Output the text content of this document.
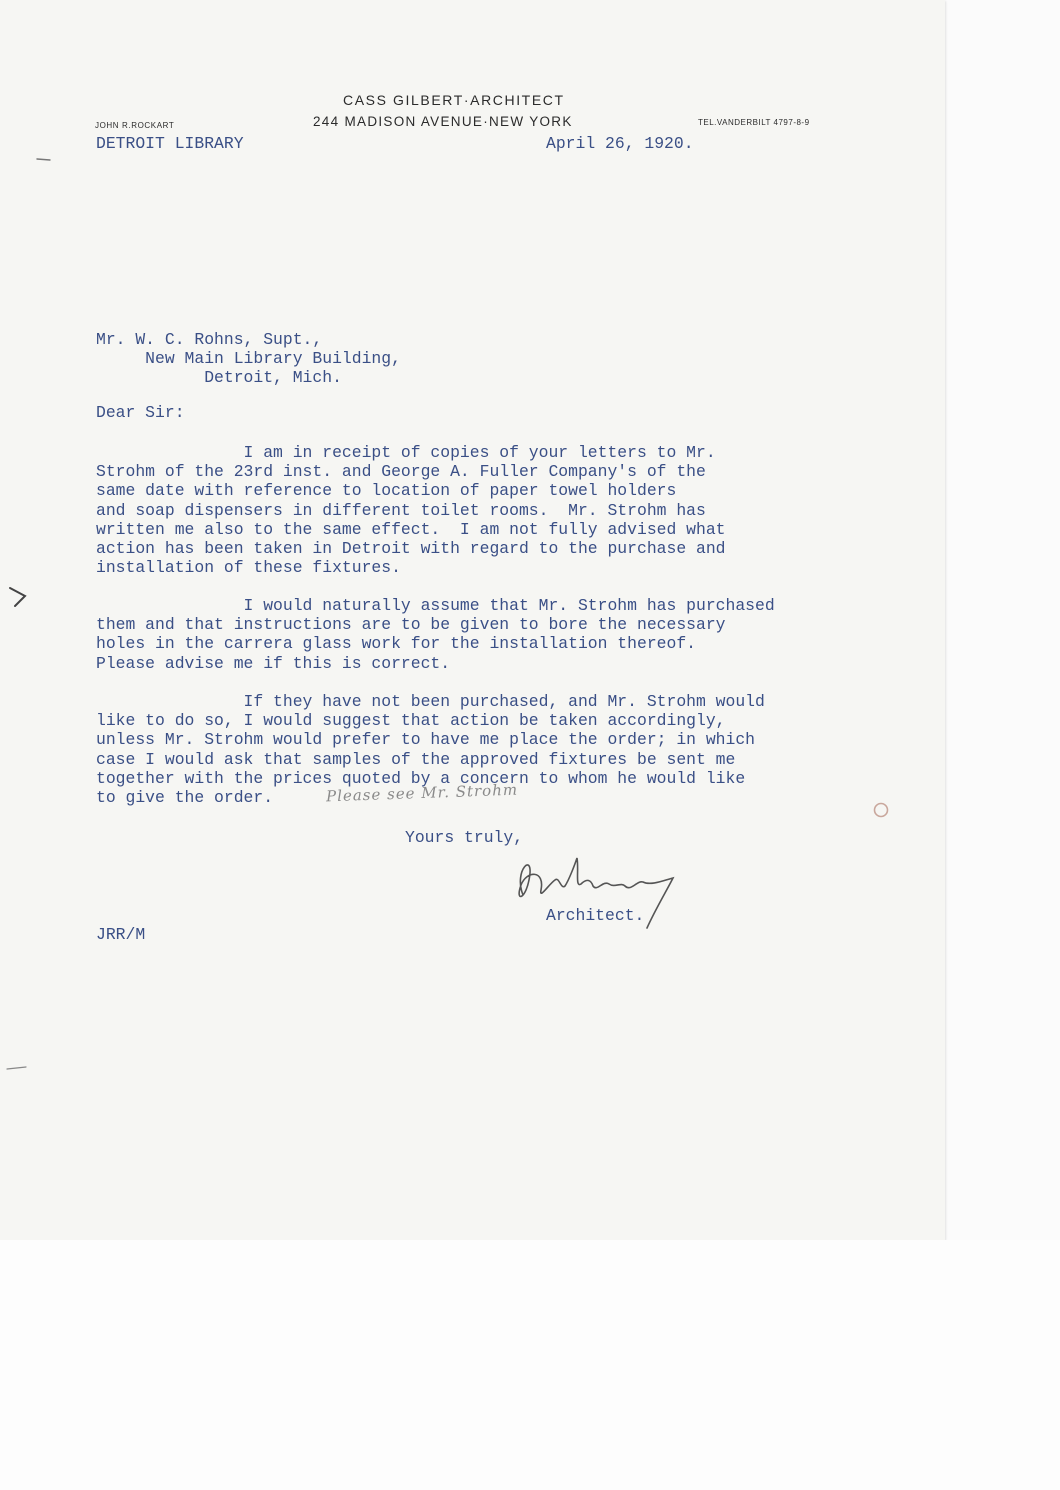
CASS GILBERT·ARCHITECT
244 MADISON AVENUE·NEW YORK
JOHN R.ROCKART	TEL.VANDERBILT 4797-8-9
DETROIT LIBRARY	April 26, 1920.
Mr. W. C. Rohns, Supt.,
New Main Library Building,
Detroit, Mich.
Dear Sir:
I am in receipt of copies of your letters to Mr.
Strohm of the 23rd inst. and George A. Fuller Company's of the
same date with reference to location of paper towel holders
and soap dispensers in different toilet rooms.  Mr. Strohm has
written me also to the same effect.  I am not fully advised what
action has been taken in Detroit with regard to the purchase and
installation of these fixtures.
I would naturally assume that Mr. Strohm has purchased
them and that instructions are to be given to bore the necessary
holes in the carrera glass work for the installation thereof.
Please advise me if this is correct.
If they have not been purchased, and Mr. Strohm would
like to do so, I would suggest that action be taken accordingly,
unless Mr. Strohm would prefer to have me place the order; in which
case I would ask that samples of the approved fixtures be sent me
together with the prices quoted by a concern to whom he would like
to give the order.	Please see Mr. Strohm
Yours truly,
Architect.
JRR/M
